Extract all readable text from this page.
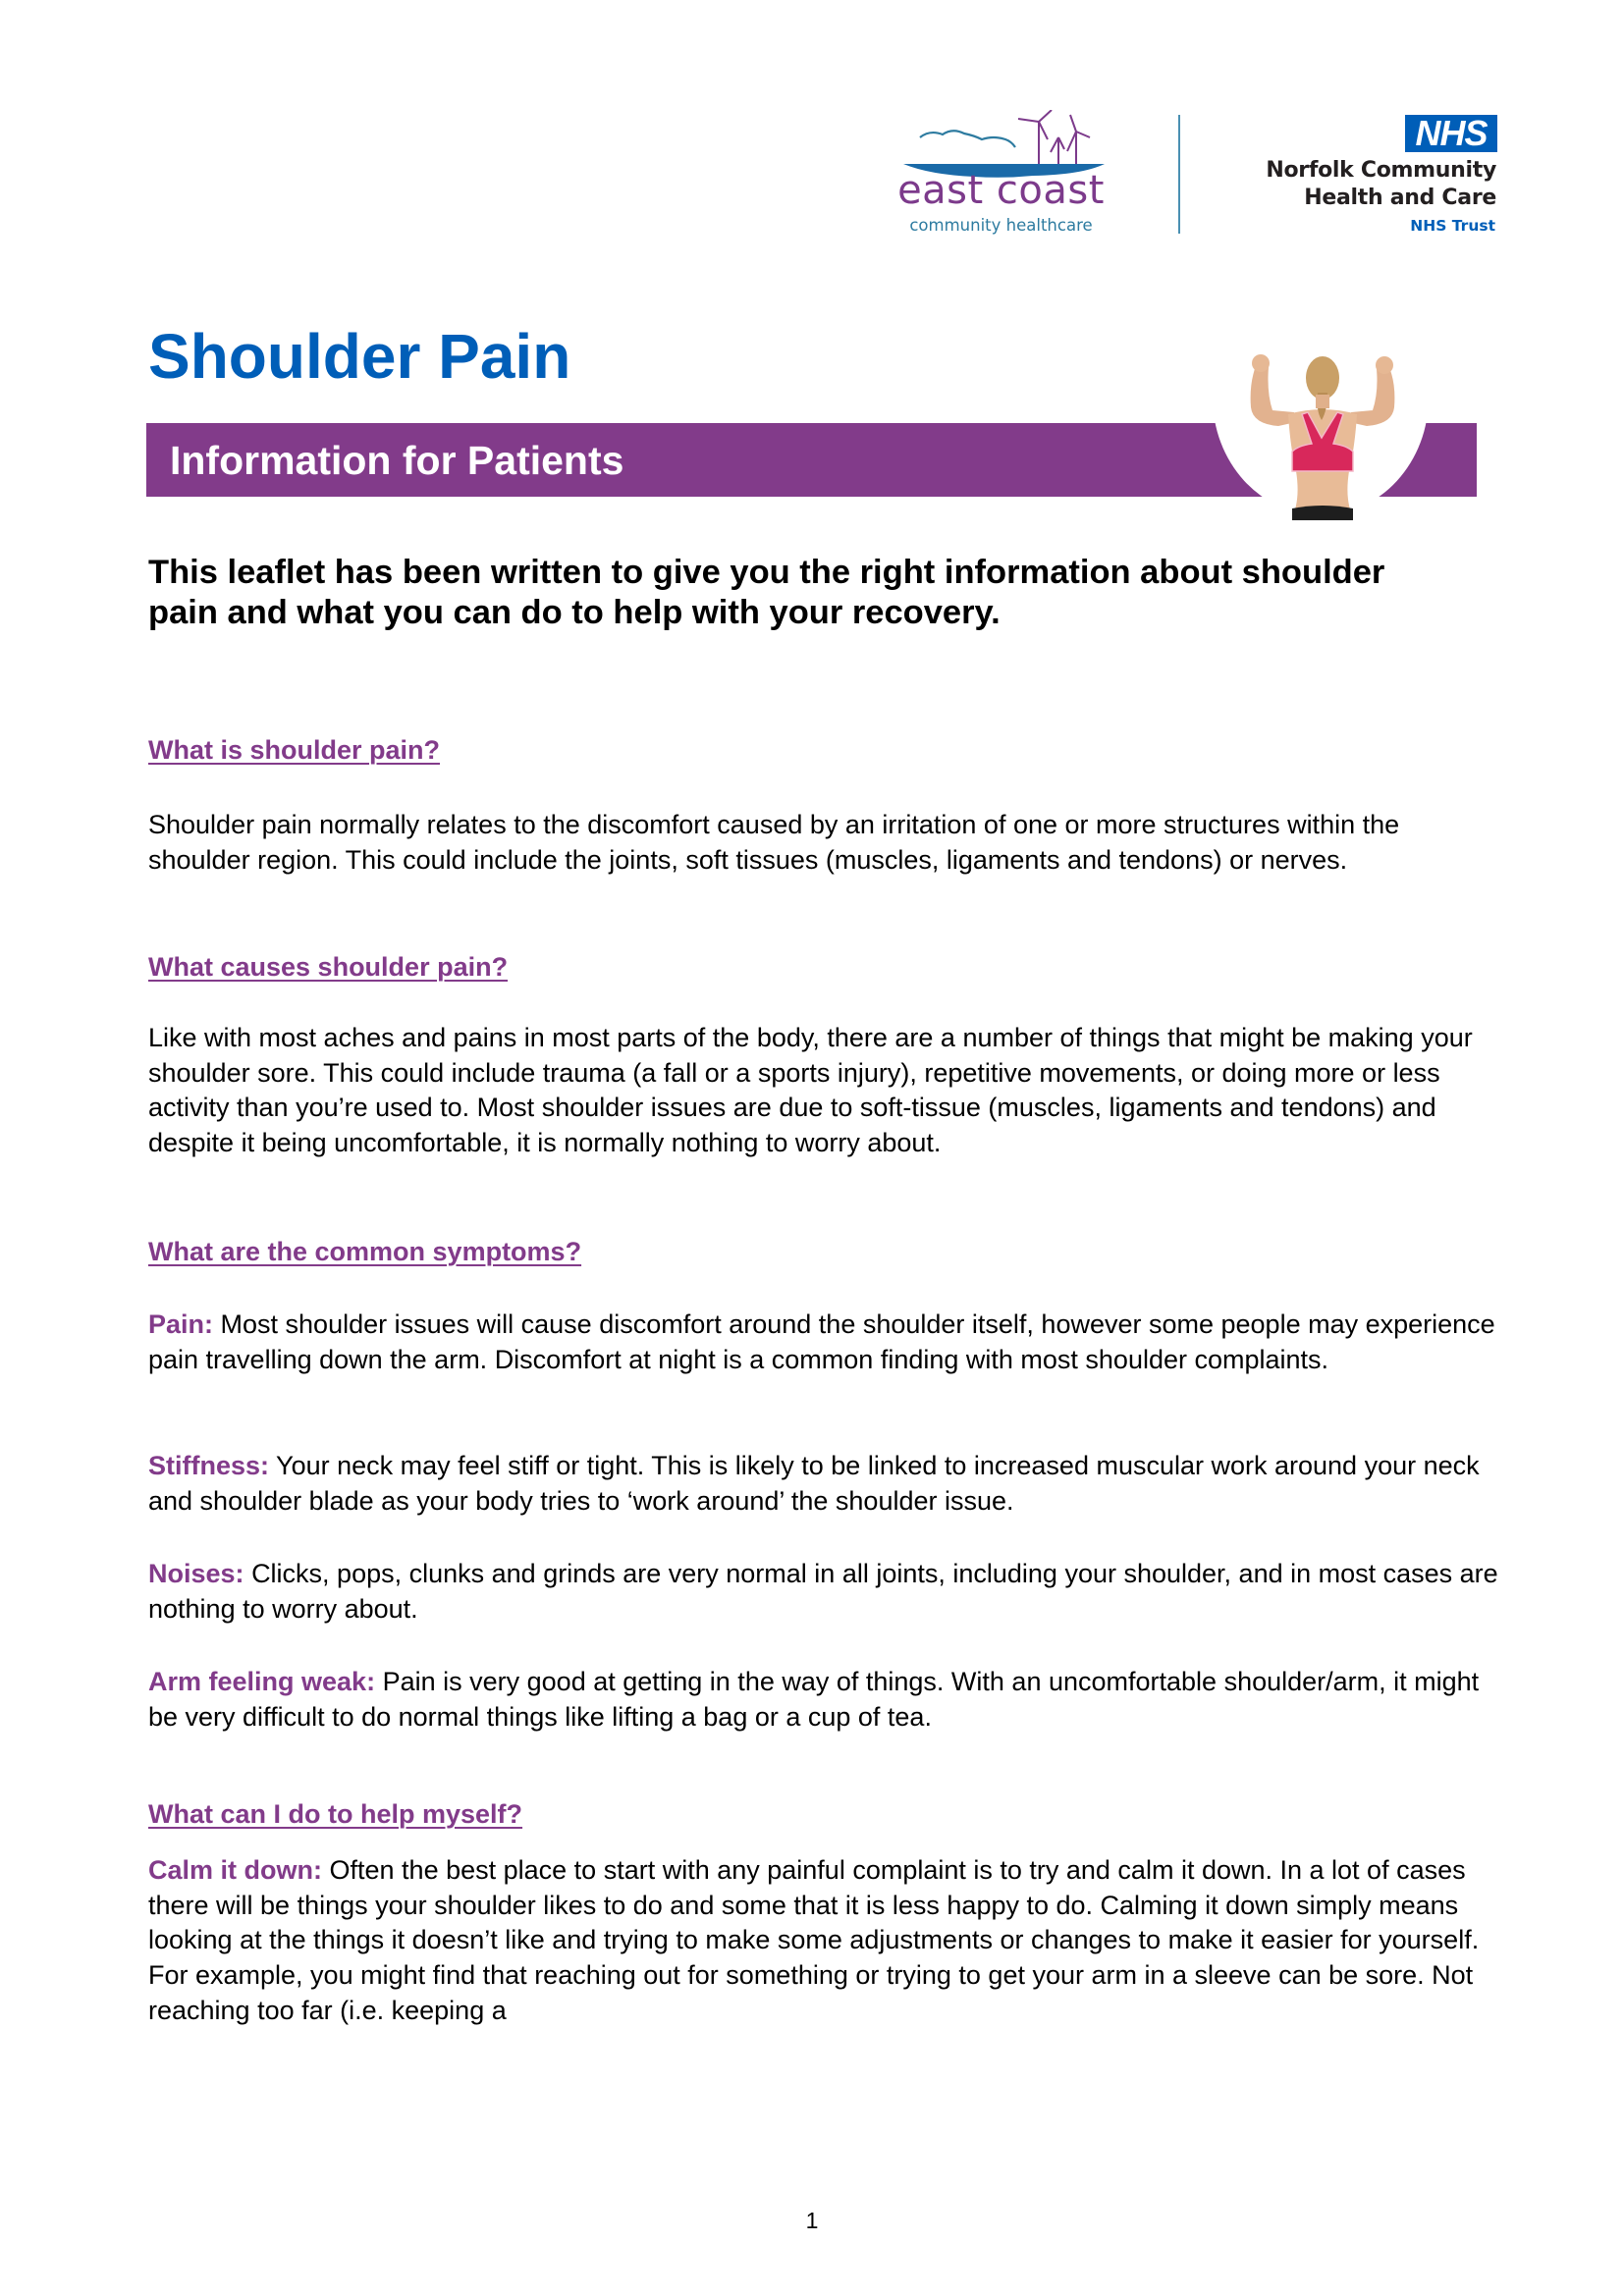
east coast
community healthcare
NHS
Norfolk Community
Health and Care
NHS Trust
Shoulder Pain
Information for Patients

This leaflet has been written to give you the right information about shoulder pain and what you can do to help with your recovery.

What is shoulder pain?

Shoulder pain normally relates to the discomfort caused by an irritation of one or more structures within the shoulder region. This could include the joints, soft tissues (muscles, ligaments and tendons) or nerves.

What causes shoulder pain?

Like with most aches and pains in most parts of the body, there are a number of things that might be making your shoulder sore. This could include trauma (a fall or a sports injury), repetitive movements, or doing more or less activity than you’re used to. Most shoulder issues are due to soft-tissue (muscles, ligaments and tendons) and despite it being uncomfortable, it is normally nothing to worry about.

What are the common symptoms?

Pain: Most shoulder issues will cause discomfort around the shoulder itself, however some people may experience pain travelling down the arm. Discomfort at night is a common finding with most shoulder complaints.

Stiffness: Your neck may feel stiff or tight. This is likely to be linked to increased muscular work around your neck and shoulder blade as your body tries to ‘work around’ the shoulder issue.

Noises: Clicks, pops, clunks and grinds are very normal in all joints, including your shoulder, and in most cases are nothing to worry about.

Arm feeling weak: Pain is very good at getting in the way of things. With an uncomfortable shoulder/arm, it might be very difficult to do normal things like lifting a bag or a cup of tea.

What can I do to help myself?

Calm it down: Often the best place to start with any painful complaint is to try and calm it down. In a lot of cases there will be things your shoulder likes to do and some that it is less happy to do. Calming it down simply means looking at the things it doesn’t like and trying to make some adjustments or changes to make it easier for yourself. For example, you might find that reaching out for something or trying to get your arm in a sleeve can be sore. Not reaching too far (i.e. keeping a

1
